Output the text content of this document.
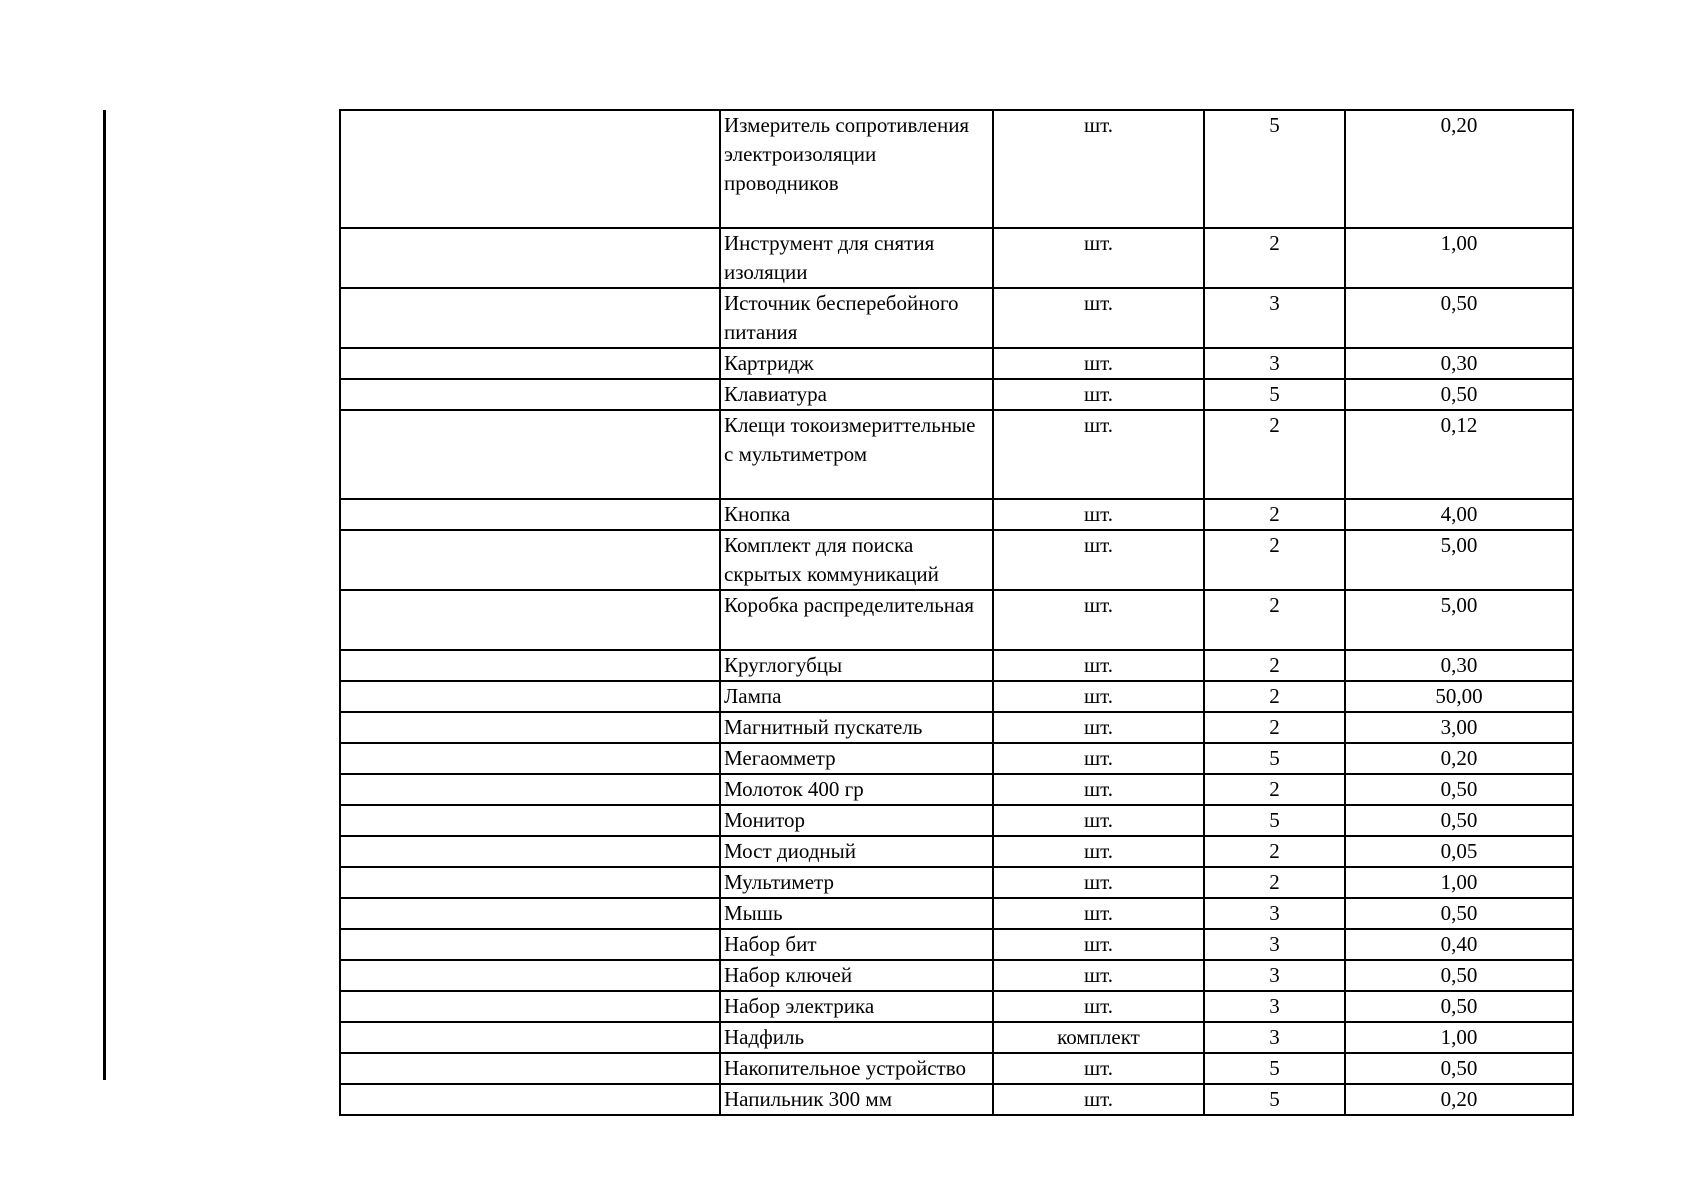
	Измеритель сопротивления электроизоляции проводников	шт.	5	0,20
	Инструмент для снятия изоляции	шт.	2	1,00
	Источник бесперебойного питания	шт.	3	0,50
	Картридж	шт.	3	0,30
	Клавиатура	шт.	5	0,50
	Клещи токоизмериттельные с мультиметром	шт.	2	0,12
	Кнопка	шт.	2	4,00
	Комплект для поиска скрытых коммуникаций	шт.	2	5,00
	Коробка распределительная	шт.	2	5,00
	Круглогубцы	шт.	2	0,30
	Лампа	шт.	2	50,00
	Магнитный пускатель	шт.	2	3,00
	Мегаомметр	шт.	5	0,20
	Молоток 400 гр	шт.	2	0,50
	Монитор	шт.	5	0,50
	Мост диодный	шт.	2	0,05
	Мультиметр	шт.	2	1,00
	Мышь	шт.	3	0,50
	Набор бит	шт.	3	0,40
	Набор ключей	шт.	3	0,50
	Набор электрика	шт.	3	0,50
	Надфиль	комплект	3	1,00
	Накопительное устройство	шт.	5	0,50
	Напильник 300 мм	шт.	5	0,20
